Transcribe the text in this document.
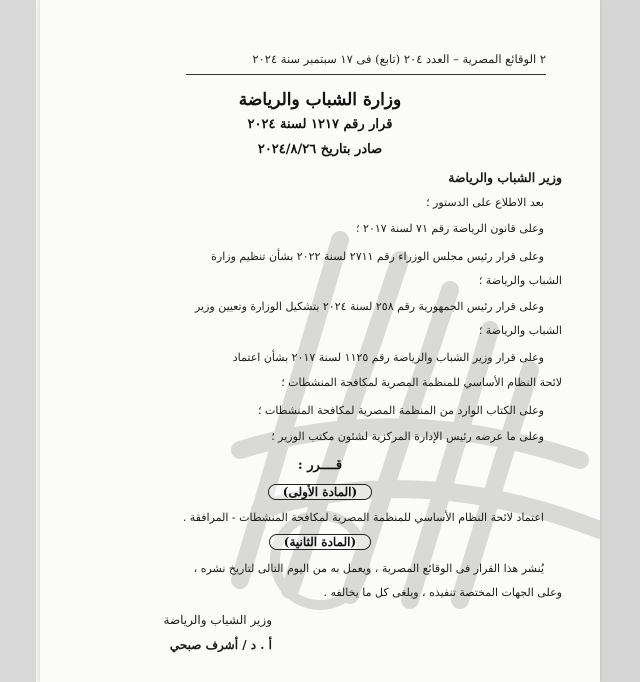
٢ الوقائع المصرية – العدد ٢٠٤ (تابع) فى ١٧ سبتمبر سنة ٢٠٢٤
وزارة الشباب والرياضة
قرار رقم ١٢١٧ لسنة ٢٠٢٤
صادر بتاريخ ٢٠٢٤/٨/٢٦
وزير الشباب والرياضة
بعد الاطلاع على الدستور ؛
وعلى قانون الرياضة رقم ٧١ لسنة ٢٠١٧ ؛
وعلى قرار رئيس مجلس الوزراء رقم ٢٧١١ لسنة ٢٠٢٢ بشأن تنظيم وزارة
الشباب والرياضة ؛
وعلى قرار رئيس الجمهورية رقم ٢٥٨ لسنة ٢٠٢٤ بتشكيل الوزارة وتعيين وزير
الشباب والرياضة ؛
وعلى قرار وزير الشباب والرياضة رقم ١١٢٥ لسنة ٢٠١٧ بشأن اعتماد
لائحة النظام الأساسي للمنظمة المصرية لمكافحة المنشطات ؛
وعلى الكتاب الوارد من المنظمة المصرية لمكافحة المنشطات ؛
وعلى ما عرضه رئيس الإدارة المركزية لشئون مكتب الوزير ؛
قــــرر :
(المادة الأولى)
اعتماد لائحة النظام الأساسي للمنظمة المصرية لمكافحة المنشطات - المرافقة .
(المادة الثانية)
يُنشر هذا القرار فى الوقائع المصرية ، ويعمل به من اليوم التالى لتاريخ نشره ،
وعلى الجهات المختصة تنفيذه ، ويلغى كل ما يخالفه .
وزير الشباب والرياضة
أ . د / أشرف صبحي
